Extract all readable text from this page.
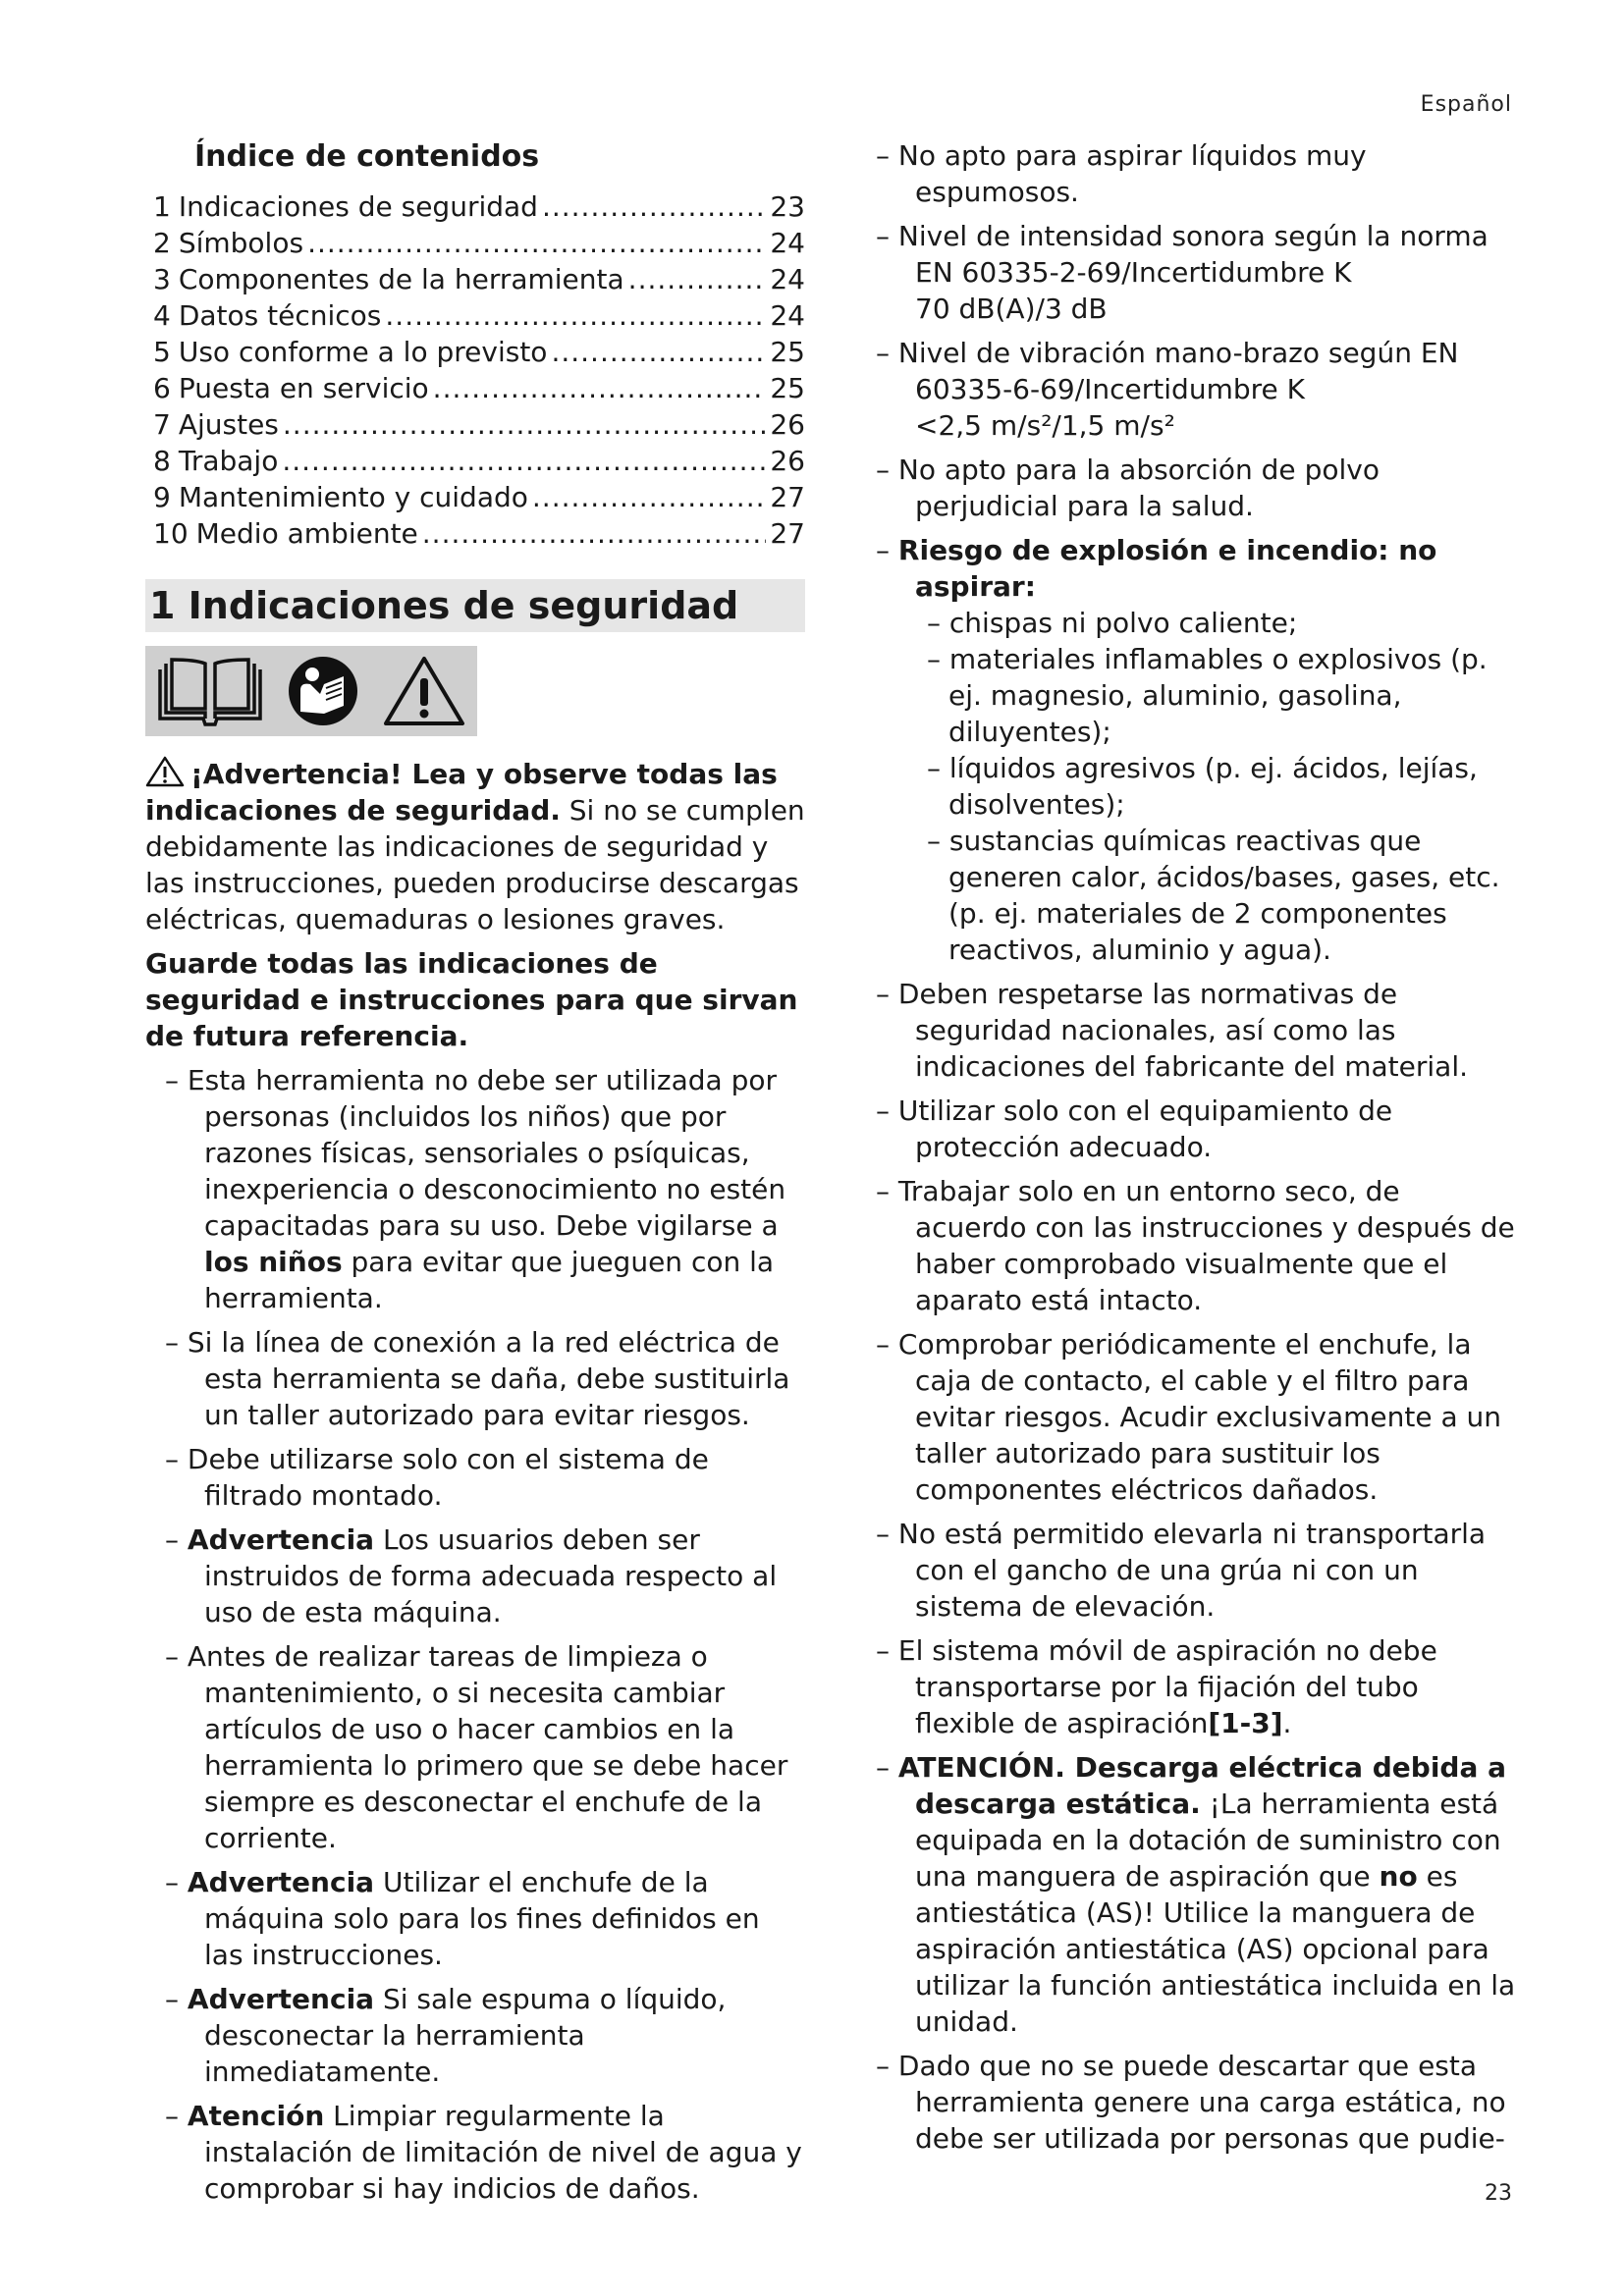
Español
Índice de contenidos
1 Indicaciones de seguridad .....	23
2 Símbolos .....	24
3 Componentes de la herramienta .....	24
4 Datos técnicos .....	24
5 Uso conforme a lo previsto .....	25
6 Puesta en servicio .....	25
7 Ajustes .....	26
8 Trabajo .....	26
9 Mantenimiento y cuidado .....	27
10 Medio ambiente .....	27
1 Indicaciones de seguridad

¡Advertencia! Lea y observe todas las indicaciones de seguridad. Si no se cumplen debidamente las indicaciones de seguridad y las instrucciones, pueden producirse descargas eléctricas, quemaduras o lesiones graves.

Guarde todas las indicaciones de seguridad e instrucciones para que sirvan de futura referencia.

– Esta herramienta no debe ser utilizada por personas (incluidos los niños) que por razones físicas, sensoriales o psíquicas, inexperiencia o desconocimiento no estén capacitadas para su uso. Debe vigilarse a los niños para evitar que jueguen con la herramienta.
– Si la línea de conexión a la red eléctrica de esta herramienta se daña, debe sustituirla un taller autorizado para evitar riesgos.
– Debe utilizarse solo con el sistema de filtrado montado.
– Advertencia Los usuarios deben ser instruidos de forma adecuada respecto al uso de esta máquina.
– Antes de realizar tareas de limpieza o mantenimiento, o si necesita cambiar artículos de uso o hacer cambios en la herramienta lo primero que se debe hacer siempre es desconectar el enchufe de la corriente.
– Advertencia Utilizar el enchufe de la máquina solo para los fines definidos en las instrucciones.
– Advertencia Si sale espuma o líquido, desconectar la herramienta inmediatamente.
– Atención Limpiar regularmente la instalación de limitación de nivel de agua y comprobar si hay indicios de daños.
– No apto para aspirar líquidos muy espumosos.
– Nivel de intensidad sonora según la norma EN 60335-2-69/Incertidumbre K
70 dB(A)/3 dB
– Nivel de vibración mano-brazo según EN 60335-6-69/Incertidumbre K
<2,5 m/s²/1,5 m/s²
– No apto para la absorción de polvo perjudicial para la salud.
– Riesgo de explosión e incendio: no aspirar:
– chispas ni polvo caliente;
– materiales inflamables o explosivos (p. ej. magnesio, aluminio, gasolina, diluyentes);
– líquidos agresivos (p. ej. ácidos, lejías, disolventes);
– sustancias químicas reactivas que generen calor, ácidos/bases, gases, etc. (p. ej. materiales de 2 componentes reactivos, aluminio y agua).
– Deben respetarse las normativas de seguridad nacionales, así como las indicaciones del fabricante del material.
– Utilizar solo con el equipamiento de protección adecuado.
– Trabajar solo en un entorno seco, de acuerdo con las instrucciones y después de haber comprobado visualmente que el aparato está intacto.
– Comprobar periódicamente el enchufe, la caja de contacto, el cable y el filtro para evitar riesgos. Acudir exclusivamente a un taller autorizado para sustituir los componentes eléctricos dañados.
– No está permitido elevarla ni transportarla con el gancho de una grúa ni con un sistema de elevación.
– El sistema móvil de aspiración no debe transportarse por la fijación del tubo flexible de aspiración[1-3].
– ATENCIÓN. Descarga eléctrica debida a descarga estática. ¡La herramienta está equipada en la dotación de suministro con una manguera de aspiración que no es antiestática (AS)! Utilice la manguera de aspiración antiestática (AS) opcional para utilizar la función antiestática incluida en la unidad.
– Dado que no se puede descartar que esta herramienta genere una carga estática, no debe ser utilizada por personas que pudie-
23
